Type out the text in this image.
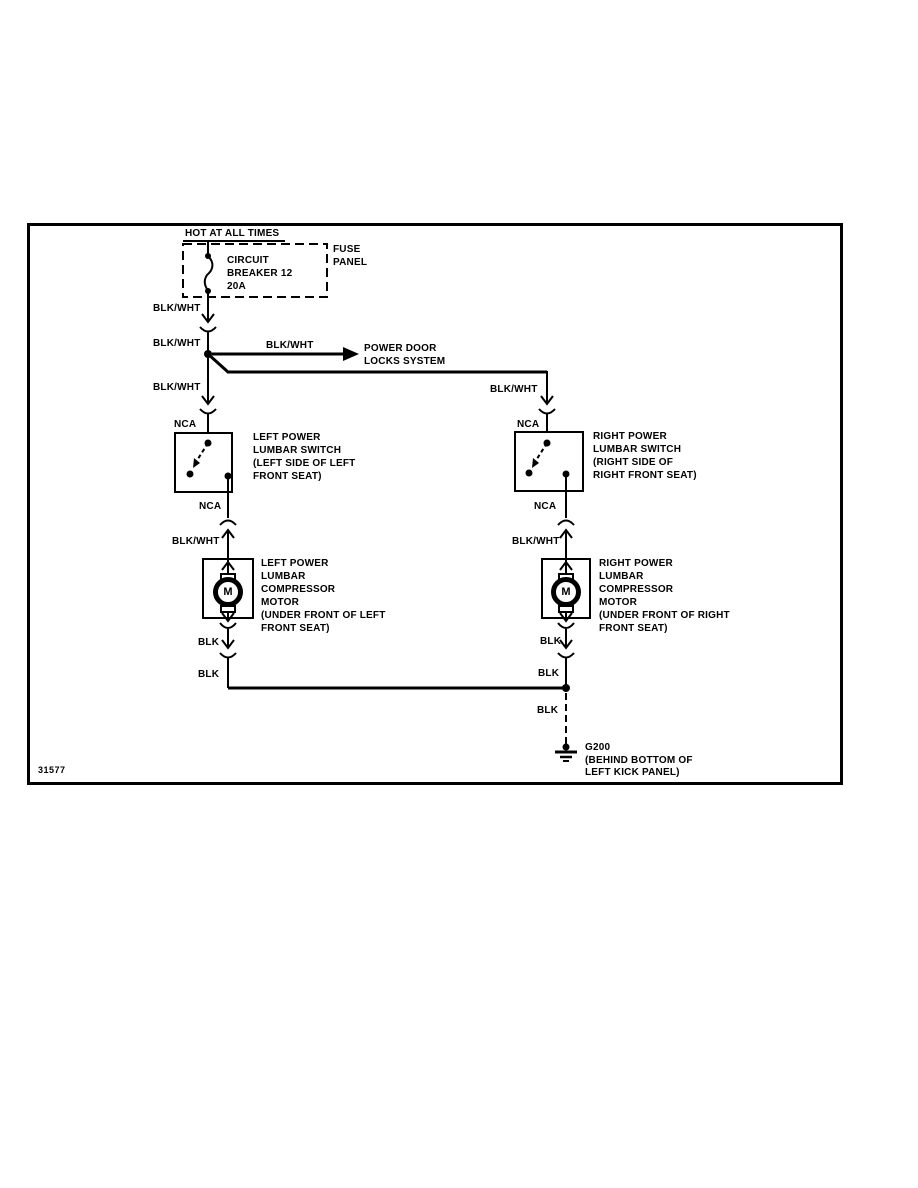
HOT AT ALL TIMES
FUSE
PANEL
CIRCUIT
BREAKER 12
20A
BLK/WHT
BLK/WHT
BLK/WHT
BLK/WHT	POWER DOOR
LOCKS SYSTEM
BLK/WHT
NCA	NCA
NCA	NCA
LEFT POWER
LUMBAR SWITCH
(LEFT SIDE OF LEFT
FRONT SEAT)
RIGHT POWER
LUMBAR SWITCH
(RIGHT SIDE OF
RIGHT FRONT SEAT)
BLK/WHT	BLK/WHT
M	M
LEFT POWER
LUMBAR
COMPRESSOR
MOTOR
(UNDER FRONT OF LEFT
FRONT SEAT)
RIGHT POWER
LUMBAR
COMPRESSOR
MOTOR
(UNDER FRONT OF RIGHT
FRONT SEAT)
BLK
BLK
BLK
BLK
BLK
G200
(BEHIND BOTTOM OF
LEFT KICK PANEL)
31577
